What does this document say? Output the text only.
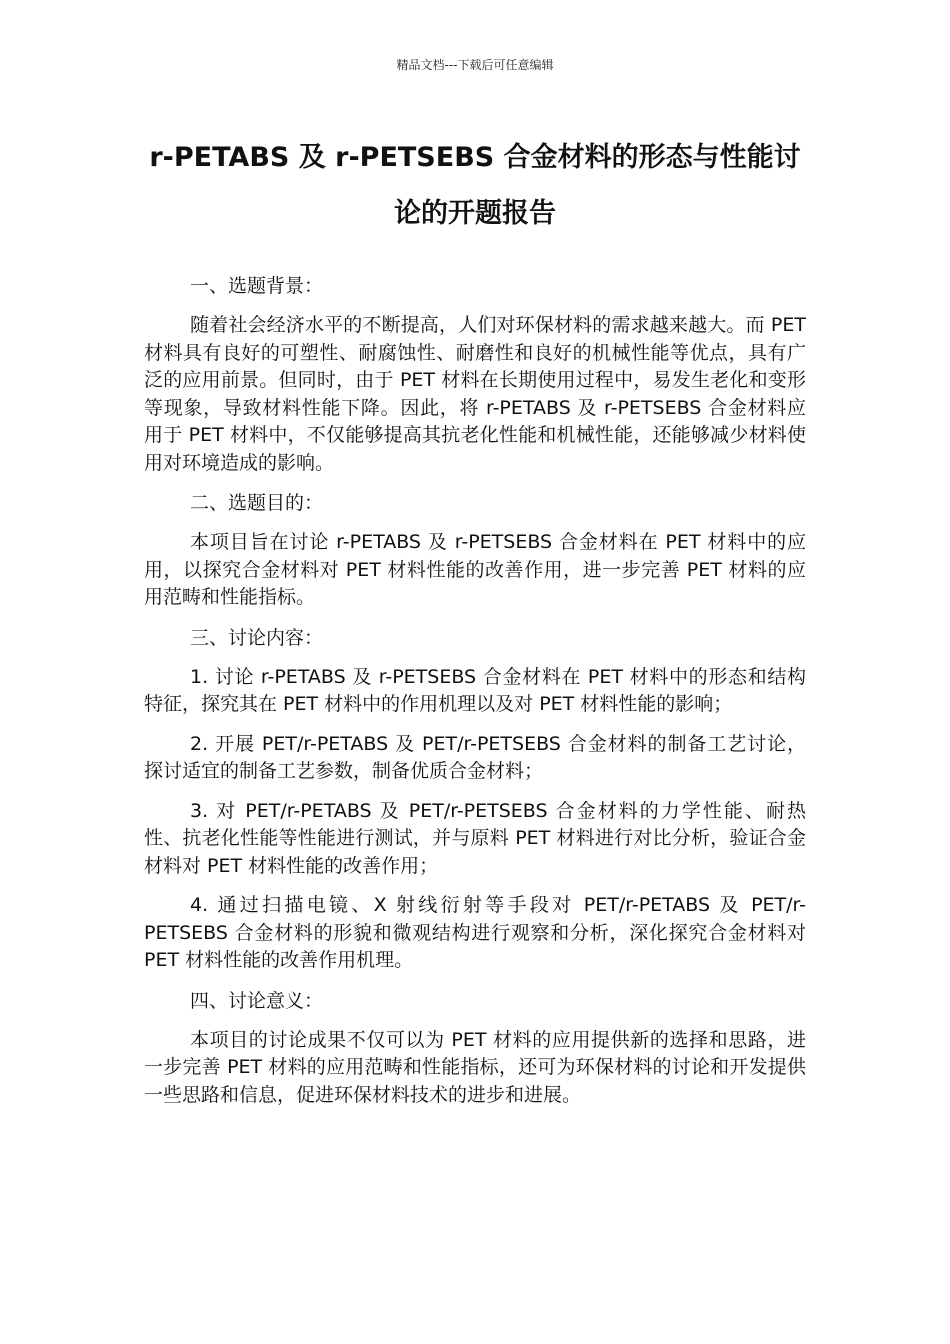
精品文档---下载后可任意编辑
r-PETABS 及 r-PETSEBS 合金材料的形态与性能讨论的开题报告

一、选题背景：

随着社会经济水平的不断提高，人们对环保材料的需求越来越大。而 PET 材料具有良好的可塑性、耐腐蚀性、耐磨性和良好的机械性能等优点，具有广泛的应用前景。但同时，由于 PET 材料在长期使用过程中，易发生老化和变形等现象，导致材料性能下降。因此，将 r-PETABS 及 r-PETSEBS 合金材料应用于 PET 材料中，不仅能够提高其抗老化性能和机械性能，还能够减少材料使用对环境造成的影响。

二、选题目的：

本项目旨在讨论 r-PETABS 及 r-PETSEBS 合金材料在 PET 材料中的应用，以探究合金材料对 PET 材料性能的改善作用，进一步完善 PET 材料的应用范畴和性能指标。

三、讨论内容：

1. 讨论 r-PETABS 及 r-PETSEBS 合金材料在 PET 材料中的形态和结构特征，探究其在 PET 材料中的作用机理以及对 PET 材料性能的影响；

2. 开展 PET/r-PETABS 及 PET/r-PETSEBS 合金材料的制备工艺讨论，探讨适宜的制备工艺参数，制备优质合金材料；

3. 对 PET/r-PETABS 及 PET/r-PETSEBS 合金材料的力学性能、耐热性、抗老化性能等性能进行测试，并与原料 PET 材料进行对比分析，验证合金材料对 PET 材料性能的改善作用；

4. 通过扫描电镜、X 射线衍射等手段对 PET/r-PETABS 及 PET/r-PETSEBS 合金材料的形貌和微观结构进行观察和分析，深化探究合金材料对 PET 材料性能的改善作用机理。

四、讨论意义：

本项目的讨论成果不仅可以为 PET 材料的应用提供新的选择和思路，进一步完善 PET 材料的应用范畴和性能指标，还可为环保材料的讨论和开发提供一些思路和信息，促进环保材料技术的进步和进展。
